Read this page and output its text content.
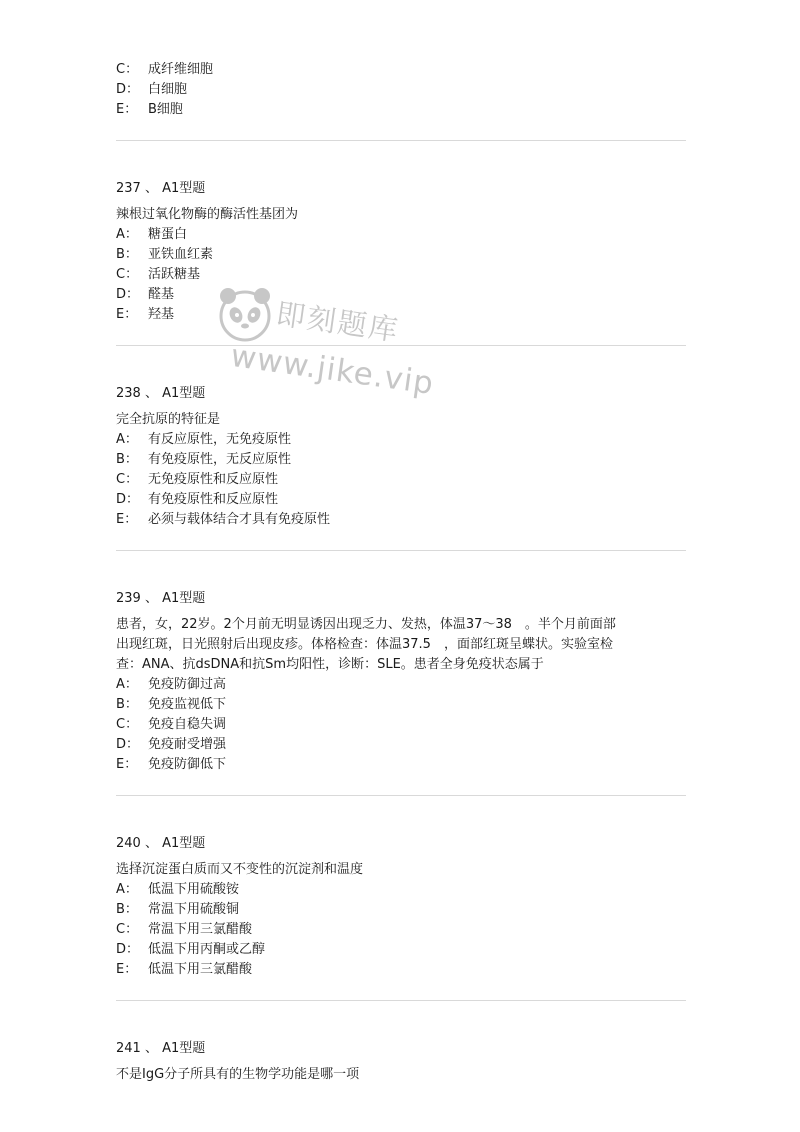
C： 成纤维细胞
D： 白细胞
E： B细胞
237 、 A1型题
辣根过氧化物酶的酶活性基团为
A： 糖蛋白
B： 亚铁血红素
C： 活跃糖基
D： 醛基
E： 羟基
238 、 A1型题
完全抗原的特征是
A： 有反应原性，无免疫原性
B： 有免疫原性，无反应原性
C： 无免疫原性和反应原性
D： 有免疫原性和反应原性
E： 必须与载体结合才具有免疫原性
239 、 A1型题
患者，女，22岁。2个月前无明显诱因出现乏力、发热，体温37～38　。半个月前面部
出现红斑，日光照射后出现皮疹。体格检查：体温37.5　，面部红斑呈蝶状。实验室检
查：ANA、抗dsDNA和抗Sm均阳性，诊断：SLE。患者全身免疫状态属于
A： 免疫防御过高
B： 免疫监视低下
C： 免疫自稳失调
D： 免疫耐受增强
E： 免疫防御低下
240 、 A1型题
选择沉淀蛋白质而又不变性的沉淀剂和温度
A： 低温下用硫酸铵
B： 常温下用硫酸铜
C： 常温下用三氯醋酸
D： 低温下用丙酮或乙醇
E： 低温下用三氯醋酸
241 、 A1型题
不是IgG分子所具有的生物学功能是哪一项
即刻题库
www.jike.vip
